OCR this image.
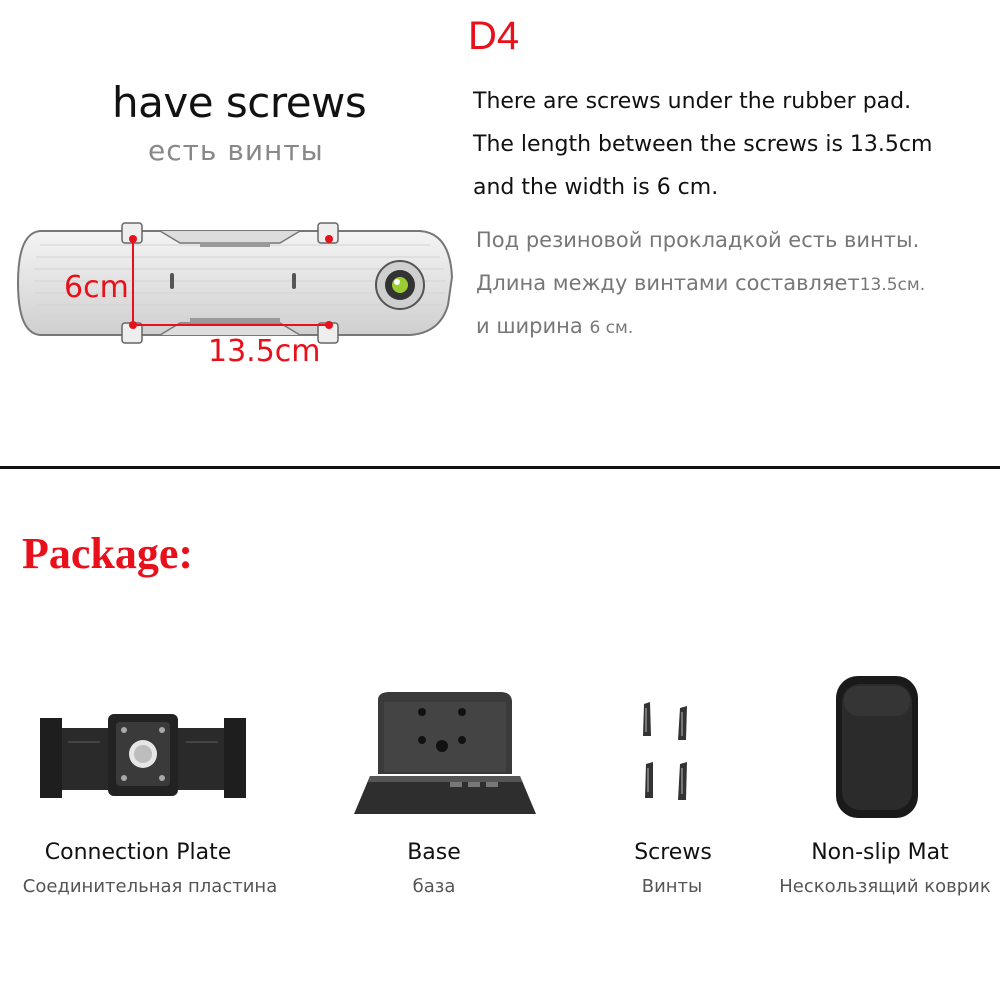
D4
have screws
есть винты
6cm
13.5cm
There are screws under the rubber pad.
The length between the screws is 13.5cm
and the width is 6 cm.
Под резиновой прокладкой есть винты.
Длина между винтами составляет13.5см.
и ширина 6 см.
Package:
Connection Plate
Соединительная пластина
Base
база
Screws
Винты
Non-slip Mat
Нескользящий коврик
